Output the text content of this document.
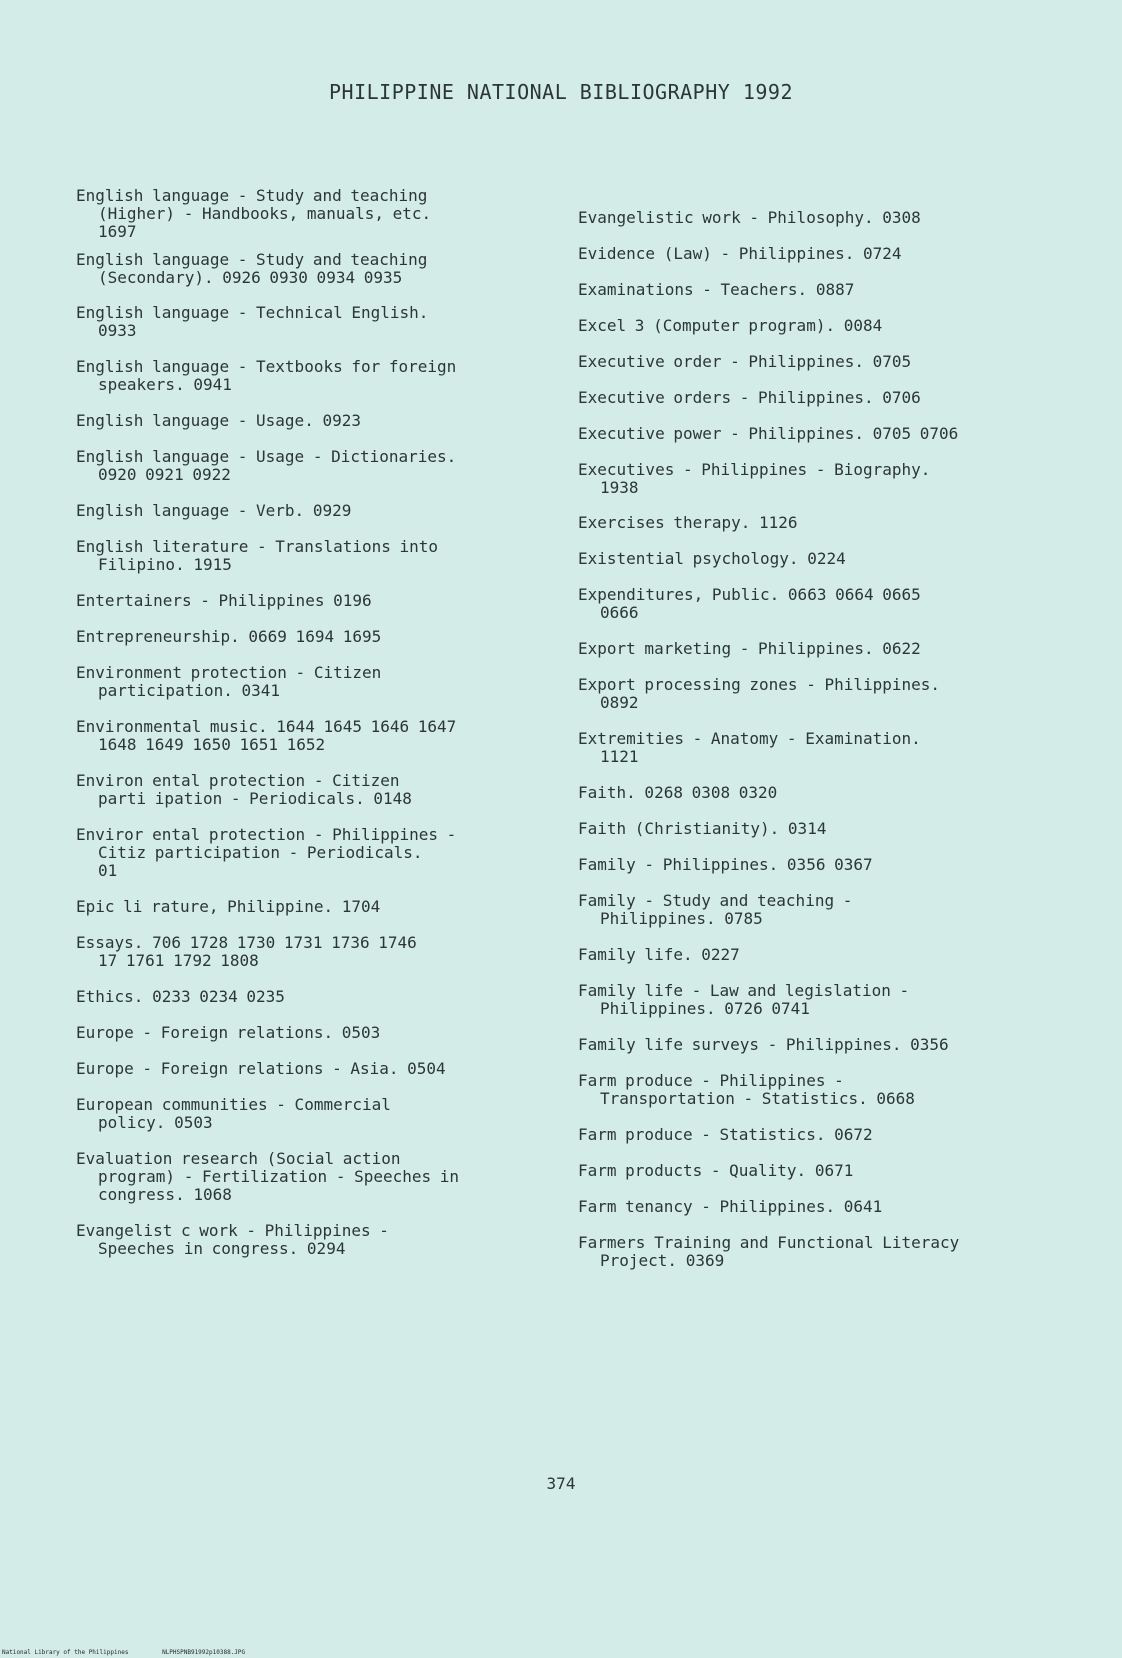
PHILIPPINE NATIONAL BIBLIOGRAPHY 1992
English language - Study and teaching
(Higher) - Handbooks, manuals, etc.
1697
English language - Study and teaching
(Secondary). 0926 0930 0934 0935
English language - Technical English.
0933
English language - Textbooks for foreign
speakers. 0941
English language - Usage. 0923
English language - Usage - Dictionaries.
0920 0921 0922
English language - Verb. 0929
English literature - Translations into
Filipino. 1915
Entertainers - Philippines 0196
Entrepreneurship. 0669 1694 1695
Environment protection - Citizen
participation. 0341
Environmental music. 1644 1645 1646 1647
1648 1649 1650 1651 1652
Environ ental protection - Citizen
parti ipation - Periodicals. 0148
Enviror ental protection - Philippines -
Citiz participation - Periodicals.
01
Epic li rature, Philippine. 1704
Essays. 706 1728 1730 1731 1736 1746
17 1761 1792 1808
Ethics. 0233 0234 0235
Europe - Foreign relations. 0503
Europe - Foreign relations - Asia. 0504
European communities - Commercial
policy. 0503
Evaluation research (Social action
program) - Fertilization - Speeches in
congress. 1068
Evangelist c work - Philippines -
Speeches in congress. 0294
Evangelistic work - Philosophy. 0308
Evidence (Law) - Philippines. 0724
Examinations - Teachers. 0887
Excel 3 (Computer program). 0084
Executive order - Philippines. 0705
Executive orders - Philippines. 0706
Executive power - Philippines. 0705 0706
Executives - Philippines - Biography.
1938
Exercises therapy. 1126
Existential psychology. 0224
Expenditures, Public. 0663 0664 0665
0666
Export marketing - Philippines. 0622
Export processing zones - Philippines.
0892
Extremities - Anatomy - Examination.
1121
Faith. 0268 0308 0320
Faith (Christianity). 0314
Family - Philippines. 0356 0367
Family - Study and teaching -
Philippines. 0785
Family life. 0227
Family life - Law and legislation -
Philippines. 0726 0741
Family life surveys - Philippines. 0356
Farm produce - Philippines -
Transportation - Statistics. 0668
Farm produce - Statistics. 0672
Farm products - Quality. 0671
Farm tenancy - Philippines. 0641
Farmers Training and Functional Literacy
Project. 0369
374
National Library of the Philippines	NLPHSPNB91992p10388.JPG
